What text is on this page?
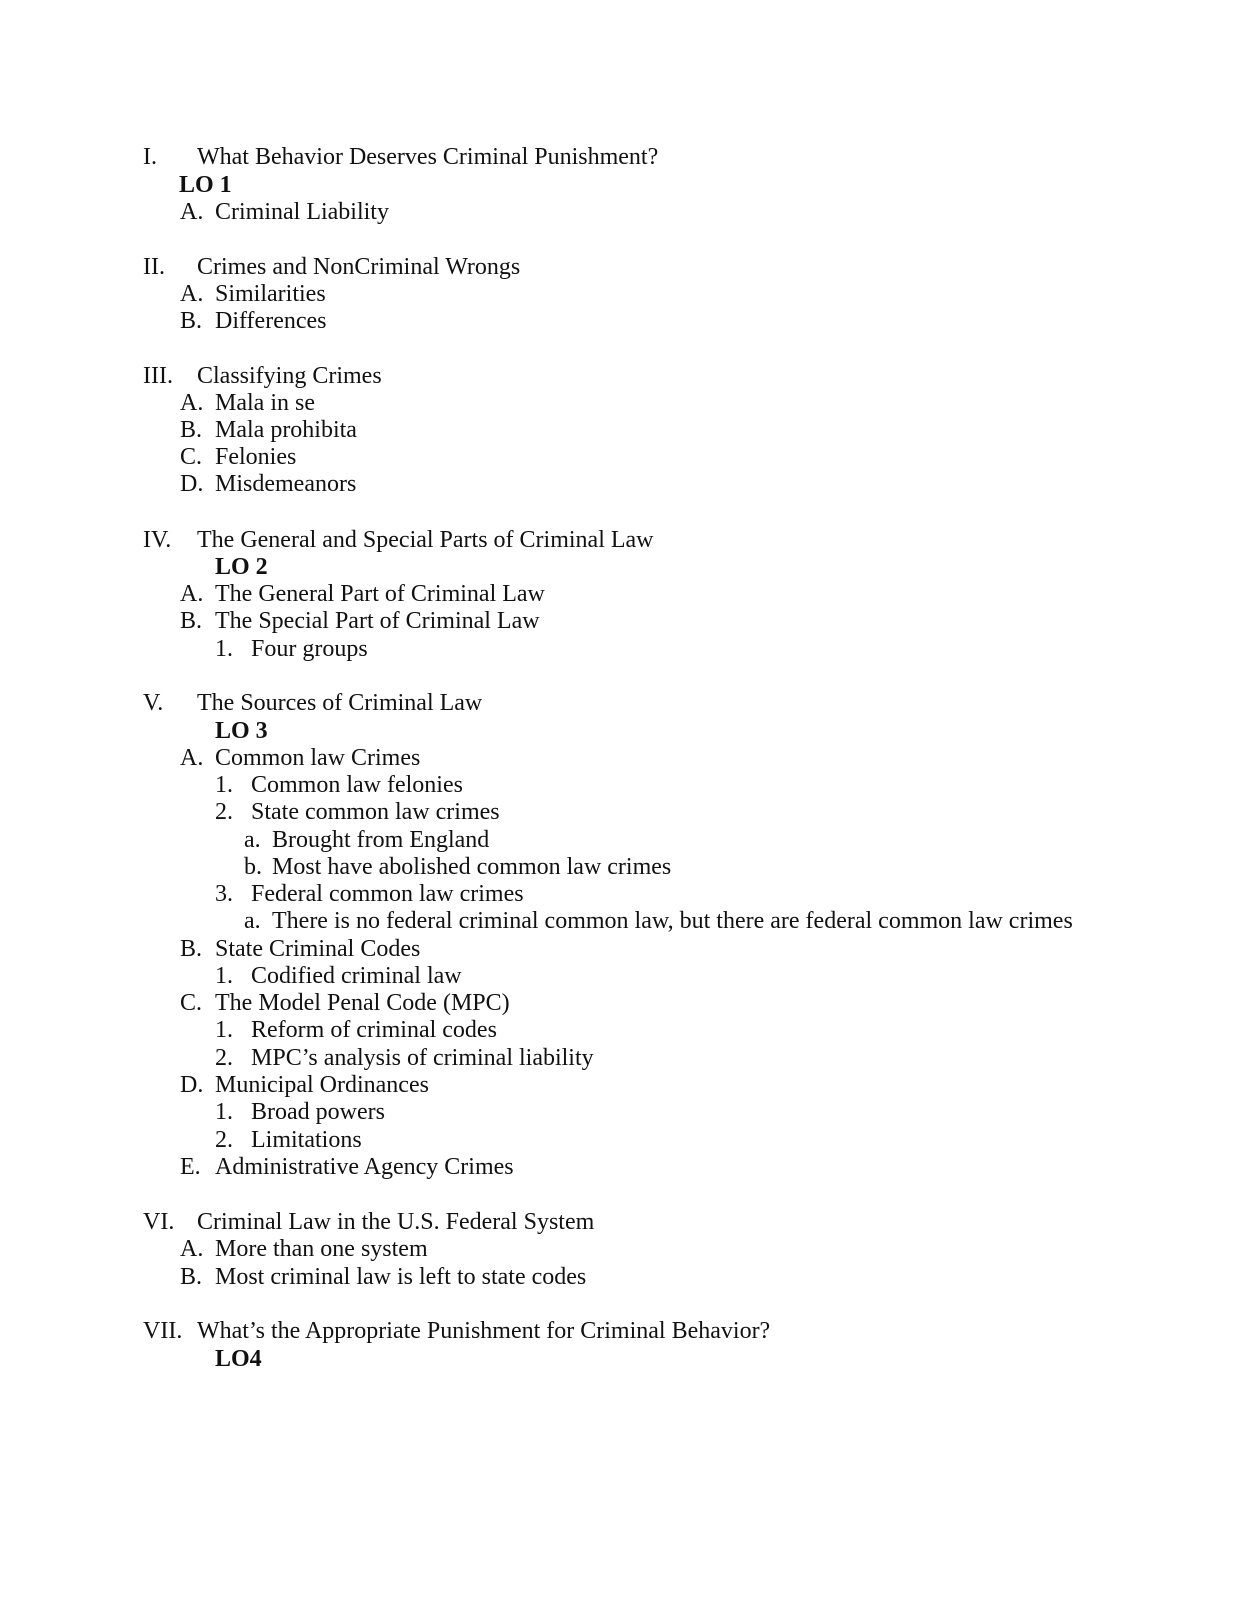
I. What Behavior Deserves Criminal Punishment?
LO 1
A. Criminal Liability
II. Crimes and NonCriminal Wrongs
A. Similarities
B. Differences
III. Classifying Crimes
A. Mala in se
B. Mala prohibita
C. Felonies
D. Misdemeanors
IV. The General and Special Parts of Criminal Law
LO 2
A. The General Part of Criminal Law
B. The Special Part of Criminal Law
1. Four groups
V. The Sources of Criminal Law
LO 3
A. Common law Crimes
1. Common law felonies
2. State common law crimes
a. Brought from England
b. Most have abolished common law crimes
3. Federal common law crimes
a. There is no federal criminal common law, but there are federal common law crimes
B. State Criminal Codes
1. Codified criminal law
C. The Model Penal Code (MPC)
1. Reform of criminal codes
2. MPC’s analysis of criminal liability
D. Municipal Ordinances
1. Broad powers
2. Limitations
E. Administrative Agency Crimes
VI. Criminal Law in the U.S. Federal System
A. More than one system
B. Most criminal law is left to state codes
VII. What’s the Appropriate Punishment for Criminal Behavior?
LO4
